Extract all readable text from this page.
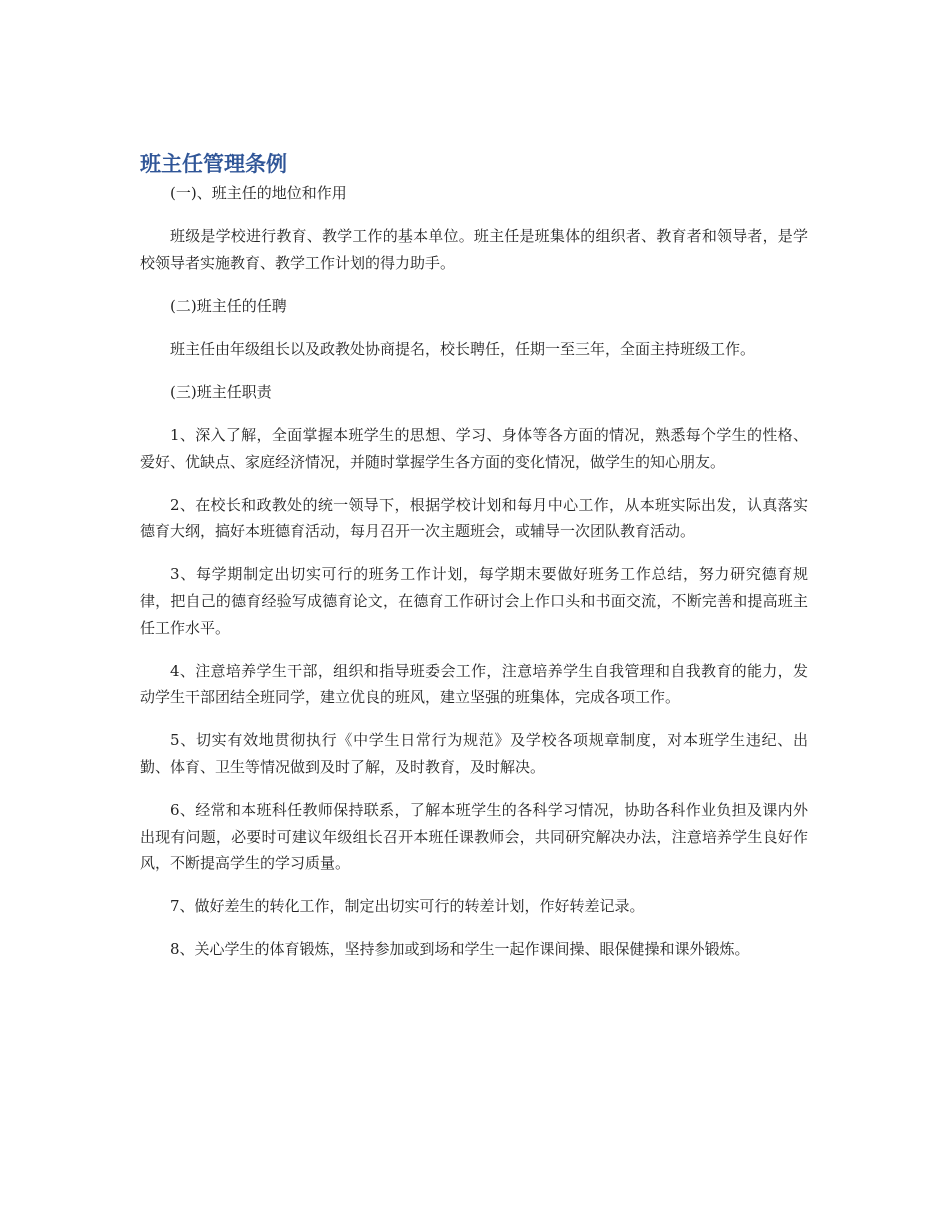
班主任管理条例

(一)、班主任的地位和作用

班级是学校进行教育、教学工作的基本单位。班主任是班集体的组织者、教育者和领导者，是学校领导者实施教育、教学工作计划的得力助手。

(二)班主任的任聘

班主任由年级组长以及政教处协商提名，校长聘任，任期一至三年，全面主持班级工作。

(三)班主任职责

1、深入了解，全面掌握本班学生的思想、学习、身体等各方面的情况，熟悉每个学生的性格、爱好、优缺点、家庭经济情况，并随时掌握学生各方面的变化情况，做学生的知心朋友。

2、在校长和政教处的统一领导下，根据学校计划和每月中心工作，从本班实际出发，认真落实德育大纲，搞好本班德育活动，每月召开一次主题班会，或辅导一次团队教育活动。

3、每学期制定出切实可行的班务工作计划，每学期末要做好班务工作总结，努力研究德育规律，把自己的德育经验写成德育论文，在德育工作研讨会上作口头和书面交流，不断完善和提高班主任工作水平。

4、注意培养学生干部，组织和指导班委会工作，注意培养学生自我管理和自我教育的能力，发动学生干部团结全班同学，建立优良的班风，建立坚强的班集体，完成各项工作。

5、切实有效地贯彻执行《中学生日常行为规范》及学校各项规章制度，对本班学生违纪、出勤、体育、卫生等情况做到及时了解，及时教育，及时解决。

6、经常和本班科任教师保持联系，了解本班学生的各科学习情况，协助各科作业负担及课内外出现有问题，必要时可建议年级组长召开本班任课教师会，共同研究解决办法，注意培养学生良好作风，不断提高学生的学习质量。

7、做好差生的转化工作，制定出切实可行的转差计划，作好转差记录。

8、关心学生的体育锻炼，坚持参加或到场和学生一起作课间操、眼保健操和课外锻炼。
